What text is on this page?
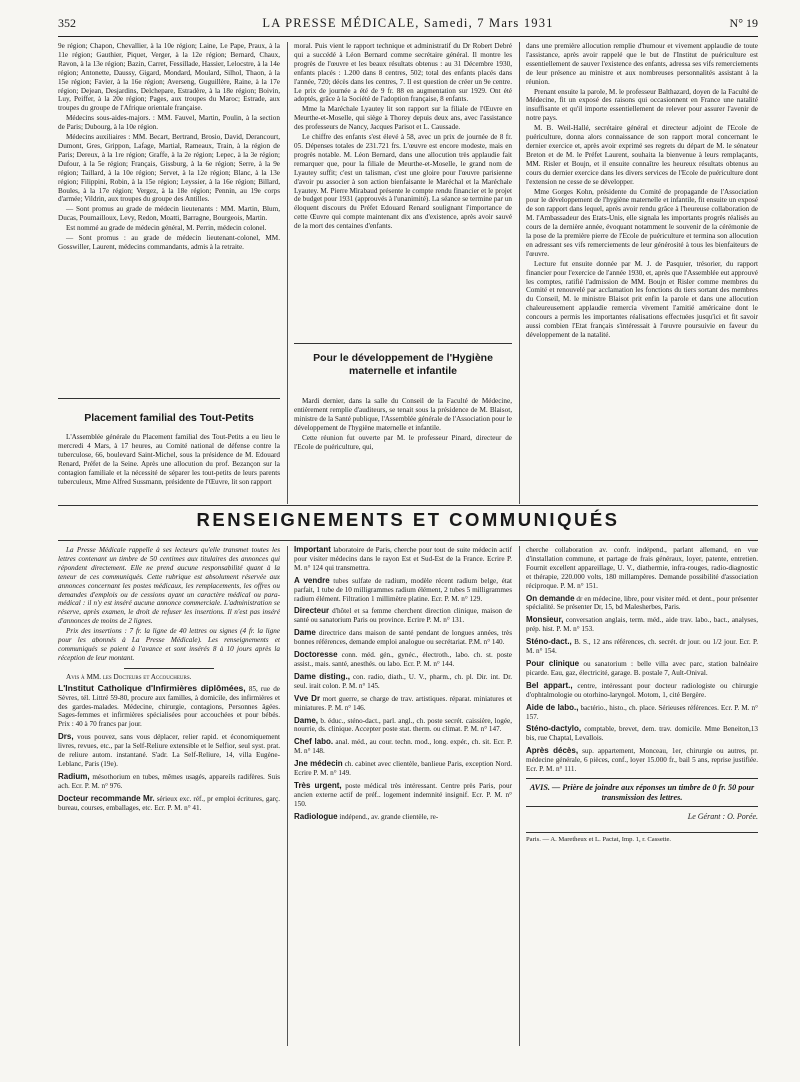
352	LA PRESSE MÉDICALE, Samedi, 7 Mars 1931	N° 19

9e région; Chapon, Chevallier, à la 10e région; Laine, Le Pape, Praux, à la 11e région; Gauthier, Piquet, Verger, à la 12e région; Bernard, Chaux, Ravon, à la 13e région; Bazin, Carret, Fessillade, Hassier, Lelocstre, à la 14e région; Antonette, Daussy, Gigard, Mondard, Moulard, Silhol, Thaon, à la 15e région; Favier, à la 16e région; Averseng, Guguillère, Raine, à la 17e région; Dejean, Desjardins, Delchepare, Estradère, à la 18e région; Boivin, Luy, Peiffer, à la 20e région; Pages, aux troupes du Maroc; Estrade, aux troupes du groupe de l'Afrique orientale française.

Médecins sous-aides-majors. : MM. Fauvel, Martin, Poulin, à la section de Paris; Dubourg, à la 10e région.

Médecins auxiliaires : MM. Becart, Bertrand, Brosio, David, Derancourt, Dumont, Gres, Grippon, Lafage, Martial, Rameaux, Train, à la région de Paris; Dereux, à la 1re région; Graffe, à la 2e région; Lepec, à la 3e région; Dufour, à la 5e région; Français, Gissburg, à la 6e région; Serre, à la 9e région; Taillard, à la 10e région; Servet, à la 12e région; Blanc, à la 13e région; Filippini, Robin, à la 15e région; Leyssier, à la 16e région; Billard, Boules, à la 17e région; Vergez, à la 18e région; Pennin, au 19e corps d'armée; Vildrin, aux troupes du groupe des Antilles.

— Sont promus au grade de médecin lieutenants : MM. Martin, Blum, Ducas, Poumailloux, Levy, Redon, Moatti, Barragne, Bourgeois, Martin.

Est nommé au grade de médecin général, M. Perrin, médecin colonel.

— Sont promus : au grade de médecin lieutenant-colonel, MM. Gosswiller, Laurent, médecins commandants, admis à la retraite.

Placement familial des Tout-Petits

L'Assemblée générale du Placement familial des Tout-Petits a eu lieu le mercredi 4 Mars, à 17 heures, au Comité national de défense contre la tuberculose, 66, boulevard Saint-Michel, sous la présidence de M. Edouard Renard, Préfet de la Seine. Après une allocution du prof. Bezançon sur la contagion familiale et la nécessité de séparer les tout-petits de leurs parents tuberculeux, Mme Alfred Sussmann, présidente de l'Œuvre, lit son rapport

moral. Puis vient le rapport technique et administratif du Dr Robert Debré qui a succédé à Léon Bernard comme secrétaire général. Il montre les progrès de l'œuvre et les beaux résultats obtenus : au 31 Décembre 1930, enfants placés : 1.200 dans 8 centres, 502; total des enfants placés dans l'année, 720; décès dans les centres, 7. Il est question de créer un 9e centre. Le prix de journée a été de 9 fr. 88 en augmentation sur 1929. Ont été adoptés, grâce à la Société de l'adoption française, 8 enfants.

Mme la Maréchale Lyautey lit son rapport sur la filiale de l'Œuvre en Meurthe-et-Moselle, qui siège à Thorey depuis deux ans, avec l'assistance des professeurs de Nancy, Jacques Parisot et L. Caussade.

Le chiffre des enfants s'est élevé à 58, avec un prix de journée de 8 fr. 05. Dépenses totales de 231.721 frs. L'œuvre est encore modeste, mais en progrès notable. M. Léon Bernard, dans une allocution très applaudie fait remarquer que, pour la filiale de Meurthe-et-Moselle, le grand nom de Lyautey suffit; c'est un talisman, c'est une gloire pour l'œuvre parisienne d'avoir pu associer à son action bienfaisante le Maréchal et la Maréchale Lyautey. M. Pierre Mirabaud présente le compte rendu financier et le projet de budget pour 1931 (approuvés à l'unanimité). La séance se termine par un éloquent discours du Préfet Edouard Renard soulignant l'importance de cette Œuvre qui compte maintenant dix ans d'existence, après avoir sauvé de la mort des centaines d'enfants.

Pour le développement de l'Hygiène maternelle et infantile

Mardi dernier, dans la salle du Conseil de la Faculté de Médecine, entièrement remplie d'auditeurs, se tenait sous la présidence de M. Blaisot, ministre de la Santé publique, l'Assemblée générale de l'Association pour le développement de l'hygiène maternelle et infantile.

Cette réunion fut ouverte par M. le professeur Pinard, directeur de l'Ecole de puériculture, qui,

dans une première allocution remplie d'humour et vivement applaudie de toute l'assistance, après avoir rappelé que le but de l'Institut de puériculture est essentiellement de sauver l'existence des enfants, adressa ses vifs remerciements de leur présence au ministre et aux nombreuses personnalités assistant à la réunion.

Prenant ensuite la parole, M. le professeur Balthazard, doyen de la Faculté de Médecine, fit un exposé des raisons qui occasionnent en France une natalité insuffisante et qu'il importe essentiellement de relever pour assurer l'avenir de notre pays.

M. B. Weil-Hallé, secrétaire général et directeur adjoint de l'Ecole de puériculture, donna alors connaissance de son rapport moral concernant le dernier exercice et, après avoir exprimé ses regrets du départ de M. le sénateur Breton et de M. le Préfet Laurent, souhaita la bienvenue à leurs remplaçants, MM. Risler et Boujn, et il ensuite connaître les heureux résultats obtenus au cours du dernier exercice dans les divers services de l'Ecole de puériculture dont l'extension ne cesse de se développer.

Mme Gorges Kohn, présidente du Comité de propagande de l'Association pour le développement de l'hygiène maternelle et infantile, fit ensuite un exposé de son rapport dans lequel, après avoir rendu grâce à l'heureuse collaboration de M. l'Ambassadeur des Etats-Unis, elle signala les importants progrès réalisés au cours de la dernière année, évoquant notamment le souvenir de la cérémonie de la pose de la première pierre de l'Ecole de puériculture et termina son allocution en adressant ses vifs remerciements de leur générosité à tous les bienfaiteurs de l'œuvre.

Lecture fut ensuite donnée par M. J. de Pasquier, trésorier, du rapport financier pour l'exercice de l'année 1930, et, après que l'Assemblée eut approuvé les comptes, ratifié l'admission de MM. Boujn et Risler comme membres du Comité et renouvelé par acclamation les fonctions du tiers sortant des membres du Conseil, M. le ministre Blaisot prit enfin la parole et dans une allocution chaleureusement applaudie remercia vivement l'amitié américaine dont le concours a permis les importantes réalisations effectuées jusqu'ici et fit savoir aussi combien l'Etat français s'intéressait à l'œuvre poursuivie en faveur du développement de la natalité.

RENSEIGNEMENTS ET COMMUNIQUÉS

La Presse Médicale rappelle à ses lecteurs qu'elle transmet toutes les lettres contenant un timbre de 50 centimes aux titulaires des annonces qui répondent directement. Elle ne prend aucune responsabilité quant à la teneur de ces communiqués. Cette rubrique est absolument réservée aux annonces concernant les postes médicaux, les remplacements, les offres ou demandes d'emplois ou de cessions ayant un caractère médical ou para-médical : il n'y est inséré aucune annonce commerciale. L'administration se réserve, après examen, le droit de refuser les insertions. Il n'est pas inséré d'annonces de moins de 2 lignes.

Prix des insertions : 7 fr. la ligne de 40 lettres ou signes (4 fr. la ligne pour les abonnés à La Presse Médicale). Les renseignements et communiqués se paient à l'avance et sont insérés 8 à 10 jours après la réception de leur montant.

Avis à MM. les Docteurs et Accoucheurs.

L'Institut Catholique d'Infirmières diplômées, 85, rue de Sèvres, tél. Littré 59-80, procure aux familles, à domicile, des infirmières et des gardes-malades. Médecine, chirurgie, contagions, Personnes âgées. Sages-femmes et infirmières spécialisées pour accouchées et pour bébés. Prix : 40 à 70 francs par jour.

Drs, vous pouvez, sans vous déplacer, relier rapid. et économiquement livres, revues, etc., par la Self-Reliure extensible et le Selfior, seul syst. prat. de reliure autom. instantané. S'adr. La Self-Reliure, 14, villa Eugène-Leblanc, Paris (19e).

Radium, mésothorium en tubes, mêmes usagés, appareils radifères. Suis ach. Ecr. P. M. n° 976.

Docteur recommande Mr. sérieux exc. réf., pr emploi écritures, garç. bureau, courses, emballages, etc. Ecr. P. M. n° 41.

Important laboratoire de Paris, cherche pour tout de suite médecin actif pour visiter médecins dans le rayon Est et Sud-Est de la France. Ecrire P. M. n° 124 qui transmettra.

A vendre tubes sulfate de radium, modèle récent radium belge, état parfait, 1 tube de 10 milligrammes radium élément, 2 tubes 5 milligrammes radium élément. Filtration 1 millimètre platine. Ecr. P. M. n° 129.

Directeur d'hôtel et sa femme cherchent direction clinique, maison de santé ou sanatorium Paris ou province. Ecrire P. M. n° 131.

Dame directrice dans maison de santé pendant de longues années, très bonnes références, demande emploi analogue ou secrétariat. P.M. n° 140.

Doctoresse conn. méd. gén., gynéc., électroth., labo. ch. st. poste assist., mais. santé, anesthés. ou labo. Ecr. P. M. n° 144.

Dame disting., con. radio, diath., U. V., pharm., ch. pl. Dir. int. Dr. seul. irait colon. P. M. n° 145.

Vve Dr mort guerre, se charge de trav. artistiques. réparat. miniatures et miniatures. P. M. n° 146.

Dame, b. éduc., sténo-dact., parl. angl., ch. poste secrét. caissière, logée, nourrie, ds. clinique. Accepter poste stat. therm. ou climat. P. M. n° 147.

Chef labo. anal. méd., au cour. techn. mod., long. expér., ch. sit. Ecr. P. M. n° 148.

Jne médecin ch. cabinet avec clientèle, banlieue Paris, exception Nord. Ecrire P. M. n° 149.

Très urgent, poste médical très intéressant. Centre près Paris, pour ancien externe actif de préf.. logement indemnité insignif. Ecr. P. M. n° 150.

Radiologue indépend., av. grande clientèle, re-

cherche collaboration av. confr. indépend., parlant allemand, en vue d'installation commune, et partage de frais généraux, loyer, patente, entretien. Fournit excellent appareillage, U. V., diathermie, infra-rouges, radio-diagnostic et thérapie, 220.000 volts, 180 millampères. Demande possibilité d'association réciproque. P. M. n° 151.

On demande dr en médecine, libre, pour visiter méd. et dent., pour présenter spécialité. Se présenter Dr, 15, bd Malesherbes, Paris.

Monsieur, conversation anglais, term. méd., aide trav. labo., bact., analyses, prép. hist. P. M. n° 153.

Sténo-dact., B. S., 12 ans références, ch. secrét. dr jour. ou 1/2 jour. Ecr. P. M. n° 154.

Pour clinique ou sanatorium : belle villa avec parc, station balnéaire picarde. Eau, gaz, électricité, garage. B. postale 7, Ault-Onival.

Bel appart., centre, intéressant pour docteur radiologiste ou chirurgie d'ophtalmologie ou otorhino-laryngol. Motom, 1, cité Bergère.

Aide de labo., bactério., histo., ch. place. Sérieuses références. Ecr. P. M. n° 157.

Sténo-dactylo, comptable, brevet, dem. trav. domicile. Mme Beneiton,13 bis, rue Chaptal, Levallois.

Après décès, sup. appartement, Monceau, 1er, chirurgie ou autres, pr. médecine générale, 6 pièces, conf., loyer 15.000 fr., bail 5 ans, reprise justifiée. Ecr. P. M. n° 111.

AVIS. — Prière de joindre aux réponses un timbre de 0 fr. 50 pour transmission des lettres.
Le Gérant : O. Porée.
Paris. — A. Maretheux et L. Pactat, Imp. 1, r. Cassette.
